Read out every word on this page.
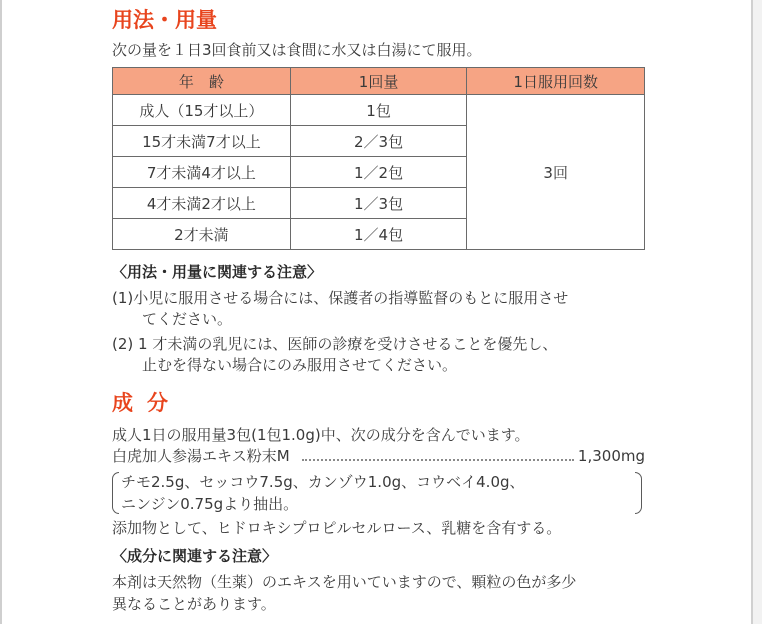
用法・用量

次の量を１日3回食前又は食間に水又は白湯にて服用。

年　齢	1回量	1日服用回数
成人（15才以上）	1包	3回
15才未満7才以上	2／3包	
7才未満4才以上	1／2包	
4才未満2才以上	1／3包	
2才未満	1／4包	

〈用法・用量に関連する注意〉

(1)小児に服用させる場合には、保護者の指導監督のもとに服用させ

てください。

(2) 1 才未満の乳児には、医師の診療を受けさせることを優先し、

止むを得ない場合にのみ服用させてください。

成分

成人1日の服用量3包(1包1.0g)中、次の成分を含んでいます。

白虎加人参湯エキス粉末M	1,300mg
チモ2.5g、セッコウ7.5g、カンゾウ1.0g、コウベイ4.0g、
ニンジン0.75gより抽出。

添加物として、ヒドロキシプロピルセルロース、乳糖を含有する。

〈成分に関連する注意〉

本剤は天然物（生薬）のエキスを用いていますので、顆粒の色が多少

異なることがあります。
